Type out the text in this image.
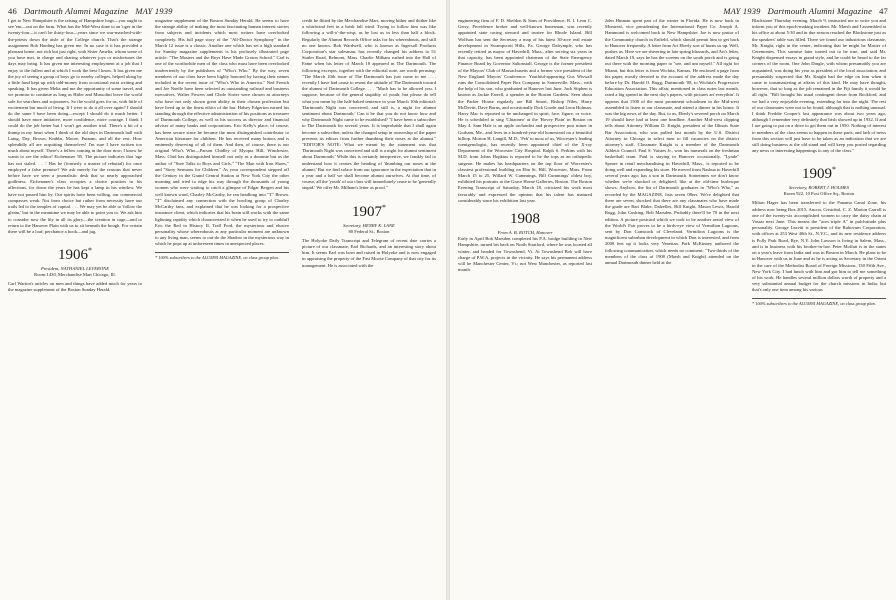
46 Dartmouth Alumni Magazine MAY 1939

I get to New Hampshire is the raising of Hampshire hogs—you ought to see 'em—out on the farm. What has the Mid-West done to an 'oger in the twenty-four—it can't be thirty-four—years since we war-marched-with-the-priests down the aisle of the College church. That's the strange assignment Bob Harding has given me. In no case is it has provided a pleasant home, not rich but just right, with Sister Amelia, whom some of you have met, in charge and sharing whatever joys or misfortunes the days may bring. It has given me interesting employment at a job that I enjoy to the fullest and at which I work the best I know. It has given me the joy of seeing a group of boys go to nearby colleges, helped along by a little fund kept up with odd-money from occasional extra writing and speaking. It has given Melia and me the opportunity of some travel, and we promise to continue as long as Hitler and Mussolini leave the world safe for searchers and sojourners. So the world goes for us, with little of excitement but much of living. If I were to do it all over again? I should do the same I have been doing—except I should do it much better. I should have more initiative, more confidence, more courage. I think I could do the job better but I won't get another trial. There's a bit of a thump in my heart when I think of the old days in Dartmouth hall with Laing, Day, Brown, Knibbs, Moore, Putnam, and all the rest. How splendidly all are acquitting themselves! I'm sure I have written too much about myself. There's a fellow coming in the door now; I know he wants to see the editor! Eichenauer '05. The picture indicates that 'age has not staled. . . .' Has he (formerly a master of rebuttal) for once employed a false premise? We ask merely for the reasons that never before have we seen a journalistic desk that so nearly approached godliness. Eichenauer's class occupies a choice position in his affections, for down the years he has kept a lamp in his window. We have not passed him by. Our spirits have been willing, our commercial compasses weak. Not from choice but rather from necessity have our trails led to the temples of capital. . . . We may yet be able to 'follow the gleam,' but in the meantime we may be able to point you to. We ask him to consider now the lily in all its glory—the creation in cage—and to return to the Hanover Plain with us to sit beneath the bough. For certain there will be a loaf; perchance a book—and jug.

1906*
President, NATHANIEL LEVERONE
Room 1430, Merchandise Mart Chicago, Ill.

Carl Warton's articles on men and things have added much for years to the magazine supplement of the Boston Sunday Herald.

magazine supplement of the Boston Sunday Herald. He seems to have the strange ability of making the most fascinating human interest stories from subjects and incidents which most writers have overlooked completely. His full page story of the "All-Doctor Symphony" in the March 12 issue is a classic. Another one which has set a high standard for Sunday magazine supplements is his profusely illustrated page article: "The Masters and the Boys Have Made Groton School." Carl is one of the worthwhile men of the class who must have been overlooked inadvertently by the publishers of "Who's Who." By the way, seven members of our class have been highly honored by having their names included in the recent issue of "Who's Who in America." Ned French and Joe Nuelle have been selected as outstanding railroad and business executives, Walter Powers and Chole Sorter were chosen as attorneys who have not only shown great ability in their chosen profession but have lived up to the finest ethics of the bar. Halsey Edgerton earned his standing through the effective administration of his positions as treasurer of Dartmouth College, as well as his success as director and financial adviser of many banks and corporations. Eric Kelly's place, of course, has been secure since he became the most distinguished contributor to American literature for children. He has received many honors and is eminently deserving of all of them. And then, of course, there is our original Who's Who—Parson Chidley of Myopia Hill, Winchester, Mass. Chid has distinguished himself not only as a dominie but as the author of "Sure Talks to Boys and Girls," "The Man with Iron Shoes," and "Story Sermons for Children." As your correspondent stepped off the Century in the Grand Central Station at New York City the other morning and tried to edge his way through the thousands of young women who were waiting to catch a glimpse of Edgar Bergen and his well known ward, Charley McCarthy, he ran headlong into "T" Brown. "T" disclaimed any connection with the howling group of Charley McCarthy fans, and explained that he was looking for a prospective insurance client, which indicates that his brain still works with the same lightning rapidity which characterized it when he used to try to outbluff Eric the Red in History II. Trall Ford, the mysterious and elusive personality whose whereabouts at any particular moment are unknown to any living man, seems to out-do the Shadow in the mysterious way in which he pops up at unforeseen times in unexpected places.

* 100% subscribers to the ALUMNI MAGAZINE, on class group plan.

credit he flitted by the Merchandise Mart, moving hither and thither like a whirlwind feet in a brisk fall wind. Trying to follow him was like following a will-o'-the-wisp, as he lost us in less than half a block. Regularly the Alumni Records Office asks for his whereabouts, and still no one knows. Bob Wardwell, who is known as Ingersoll Products Corporation's star salesman, has recently changed his address to 51 Statler Road, Belmont, Mass. Charlie Milham rushed into the Hall of Fame when his letter of March 18 appeared in The Dartmouth. The following excerpts, together with the editorial note, are worth perusing: "The March 10th issue of The Dartmouth has just come to me . . . recently I have had cause to resent the attitude of The Dartmouth toward the alumni of Dartmouth College. . . . "Much has to be allowed you, I suppose, because of the general stupidity of youth; but please do tell what you mean by the half-baked sentence in your March 10th editorial: 'Dartmouth Night was conceived, and still is, a night for alumni sentiment about Dartmouth.' Can it be that you do not know how and why Dartmouth Night came to be established? "I have been a subscriber to The Dartmouth for several years. It is improbable that I shall again become a subscriber, unless the changed setup in ownership of the paper prevents its editors from further thumbing their noses at the alumni." "EDITOR'S NOTE: What we meant by the statement was that 'Dartmouth Night was conceived and still is a night for alumni sentiment about Dartmouth.' While this is certainly interpretive, we frankly fail to understand how it creates the heading of 'thumbing our noses at the alumni.' But we find solace from our ignorance in the expectation that in a year and a half we shall become alumni ourselves. At that time, of course, all the 'youth' of our class will immediately cease to be 'generally stupid.' We offer Mr. Milham's letter as proof."

1907*
Secretary, HENRY K. LANE
80 Federal St., Boston

The Holyoke Daily Transcript and Telegram of recent date carries a picture of our classmate, Earl Richards, and an interesting story about him. It seems Earl was born and raised in Holyoke and is now engaged in appraising the property of the Fast Moose Company of that city for its management. He is associated with the

MAY 1939 Dartmouth Alumni Magazine 47

engineering firm of F. D. Sheldon & Sons of Providence, R. I. Leon C. Gerry, Providence broker and well-known bonesman, was recently appointed state racing steward and trustee for Rhode Island. Bill Wolfson has sent the Secretary a map of his latest 30-acre real estate development in Swampscott Hills, Pa. George Dalrymple, who has recently retired as mayor of Haverhill, Mass., after serving six years in that capacity, has been appointed chairman of the State Emergency Finance Board by Governor Saltonstall. George is the former president of the Mayors' Club of Massachusetts and a former vice president of the New England Mayors' Conference. Youthful-appearing Gus Wiswall runs the Consolidated Paper Box Company in Somerville, Mass., with the help of his son, who graduated at Hanover last June. Jack Stiphen is known as Jackie Farrell, a spender in the Boston Gardens. Seen about the Parker House regularly are Bill Smart, Bishop Niles, Harry McDevitt, Dave Burns, and occasionally Dick Goode and Leon Holman. Harry Mac is reported to be unchanged in spirit, face, figure, or voice. He is scheduled to sing 'Chiaoneo' at the 'Hovey Plain' in Boston on May 4. Sam Hale is an apple orchardist and prospective post miner in Gorham, Me., and lives in a hundred-year-old homestead on a beautiful hilltop. Morton H. Langill, M.D., 'Peb' to most of us, Worcester's leading roentgenologist, has recently been appointed chief of the X-ray Department of the Worcester City Hospital. Ralph S. Perkins with his M.D. from Johns Hopkins is reported to be the tops as an orthopedic surgeon. He makes his headquarters on the top floor of Worcester's classiest professional building on Elm St. Hill, Worcester, Mass. From March 15 to 25, Willard W. Cummings, Bill Cummings' oldest boy, exhibited his portraits at the Grace Horne Galleries, Boston. The Boston Evening Transcript of Saturday, March 18, criticized his work most favorably and expressed the opinion that his talent has matured considerably since his exhibition last year.

1908
From A. B. ROTCH, Hanover

Early in April Bob Marsden completed his P.A. bridge building in New Hampshire, turned his back on North Stratford, where he was located all winter, and headed for Townshend, Vt. At Townshend Bob will have charge of P.W.A. projects in the vicinity. He says his permanent address will be Manchester Center, Vt.; not West Manchester, as reported last month.

John Hinman spent part of the winter in Florida. He is now back in Montreal, vice presidenting the International Paper Co. Joseph A. Hammond is welcomed back to New Hampshire. Joe is now pastor of the Community church in Enfield, which should permit him to get back to Hanover frequently. A letter from Art Eberly sort of burns us up. Well, pushes us. Here we are shivering in late spring blizzards, and Art's letter, dated March 19, says he has the screens on the south porch and is going out there with the morning paper to "see, and um myself." All right for Miami, but this letter is from Wichita, Kansas. He enclosed a page from his paper, mostly devoted to the account of the address made the day before by Dr. Harold O. Rugg, Dartmouth '08, to Wichita's Progressive Education Association. This affair, mentioned in class notes last month, rated a big spread in the next day's papers, with pictures an' everythin'. It appears that 1500 of the most prominent schoolmen in the Mid-west assembled to listen to our classmate, and attend a dinner in his honor. It was the big news of the day. But, to us, Eberly's severed porch on March 19 should have had at least one headline. Another Mid-west clipping tells about Attorney William D. Knight, president of the Illinois State Bar Association, who was pulled last month by the U.S. District Attorney in Chicago to select men to fill vacancies on the district attorney's staff. Classmate Knight is a member of the Dartmouth Athletic Council. Paul S. Vaistes Jr., won his numerals on the freshman basketball team. Paul is staying in Hanover occasionally. "Lynde" Speare in retail merchandising in Haverhill, Mass., is reported to be doing well and expanding his store. He moved from Nashua to Haverhill several years ago; has a son in Dartmouth. Sometimes we don't know whether we're shocked or delighted; like at the old-time burlesque shows. Anyhow, the list of Dartmouth graduates in "Who's Who," as recorded by the MAGAZINE, lists seven 08ers. We're delighted that there are seven, shocked that there are any classmates who have made the grade are Bart Blake, Dalzelles, Bill Knight, Mason Lewis, Harold Rugg, John Cushing, Bob Marsden. Probably there'll be 70 in the next edition. A picture postcard which we took to be another aerial view of the World's Fair proves to be a birds-eye view of Vermilion Lagoons, sent by Don Comstock of Cleveland. Vermilion Lagoons is the magnificent suburban development in which Don is interested, and from 2000 feet up it looks very Venetian. Park McKinney authored the following communication, which needs no comment: "Two-thirds of the members of the class of 1908 (Marsh and Knight) attended on the annual Dartmouth dinner held at the

Blackstone Thursday evening, March 9, instructed me to write you and inform you of this epoch-making incident. Mr. Marsh and I assembled at his office at about 5:30 and in due season reached the Blackstone just as the speakers' table was filled. There we found our industrious classmate, Mr. Knight, right in the center, indicating that he might be Master of Ceremonies. This surmise later turned out to be true, and said Mr. Knight dispensed essays in grand style, and he could be heard to the far corners of the room. One John Dingle, with whom presumably you are acquainted, was doing his year as president of the local association, and presumably suspected that Mr. Knight had the edge on him when it came to toastmastering at affairs of this kind. He may have thought, however, that so long as the job remained in the Fiji family it would be all right. "Bill brought his usual contingent down from Rockford, and we had a very enjoyable evening, extending far into the night. The rest of our classmates were not to be found, although that is nothing unusual. I think Freddie Cooper's last appearance was about two years ago, although I remember very definitely that Irish showed up in 1932. If and I are going to put on a drive to get them out in 1950. Nothing of interest to members of the class seems to happen in these parts, and lack of news from this section will just have to be taken as an indication that we are still doing business at the old stand and will keep you posted regarding any news or interesting happenings to any of the class."

1909*
Secretary, ROBERT J. HOLMES
Room 922, 10 Post Office Sq., Boston

Milton Hager has been transferred to the Panama Canal Zone, his address now being Box 2015, Ancon, Cristobal, C. Z. Marion Carroll is one of the twenty-six accomplished women to carry the daisy chain at Vassar next June. This means the "aces triple A" in pulchritude plus personality. George Leavitt is president of the Rubovum Corporation, with offices at 253 West 40th St., N.Y.C., and its new residence address is Polly Park Road, Rye, N.Y. John Lawson is living in Salem, Mass., and is in business with his brother-in-law. Peter Moffatt is in the states on a year's leave from India and was in Boston in March. He plans to be in Hanover with us in June and as he is acting as Secretary in the Orient in the care of the Methodist Board of Foreign Missions, 150 Fifth Ave., New York City. I had lunch with him and got him to tell me something of his work. He handles several million dollars worth of property and a very substantial annual budget for the church missions in India, but that's only one item among his various

* 100% subscribers to the ALUMNI MAGAZINE, on class group plan.
